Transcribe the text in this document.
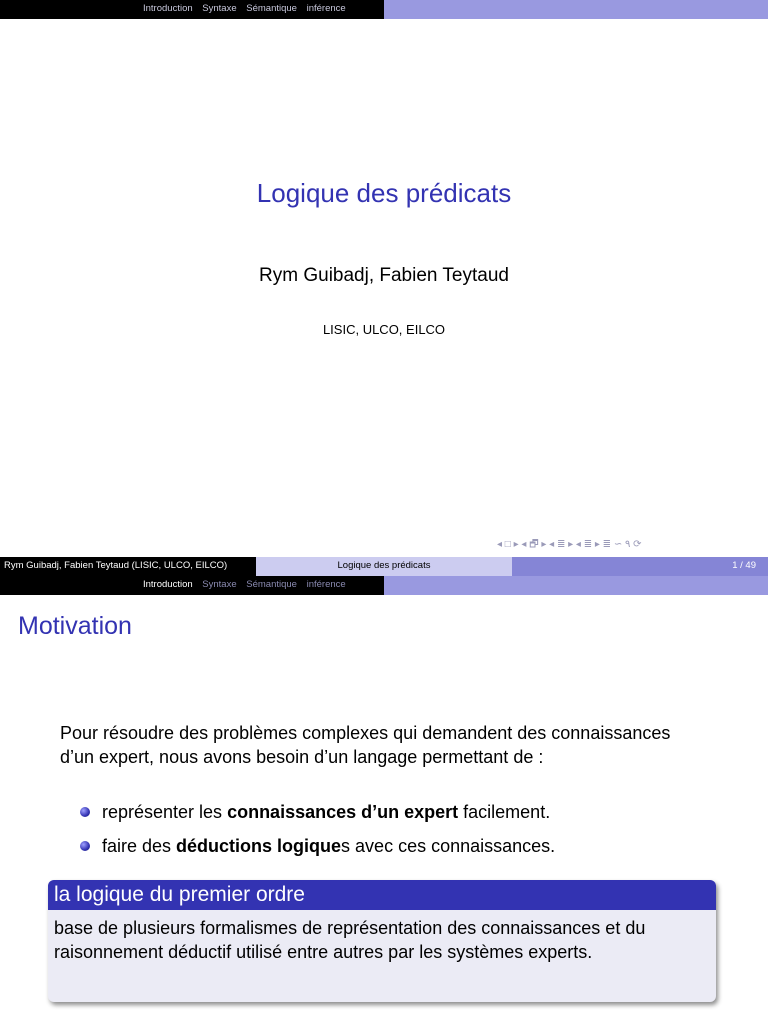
Introduction Syntaxe Sémantique inférence
Logique des prédicats
Rym Guibadj, Fabien Teytaud
LISIC, ULCO, EILCO
◂ □ ▸ ◂ 🗗 ▸ ◂ ≣ ▸ ◂ ≣ ▸ ≣ ∽ ۹ ⟳
Rym Guibadj, Fabien Teytaud (LISIC, ULCO, EILCO)	Logique des prédicats	1 / 49
Introduction Syntaxe Sémantique inférence
Motivation
Pour résoudre des problèmes complexes qui demandent des connaissances d’un expert, nous avons besoin d’un langage permettant de :
représenter les connaissances d’un expert facilement.
faire des déductions logiques avec ces connaissances.
la logique du premier ordre
base de plusieurs formalismes de représentation des connaissances et du raisonnement déductif utilisé entre autres par les systèmes experts.
